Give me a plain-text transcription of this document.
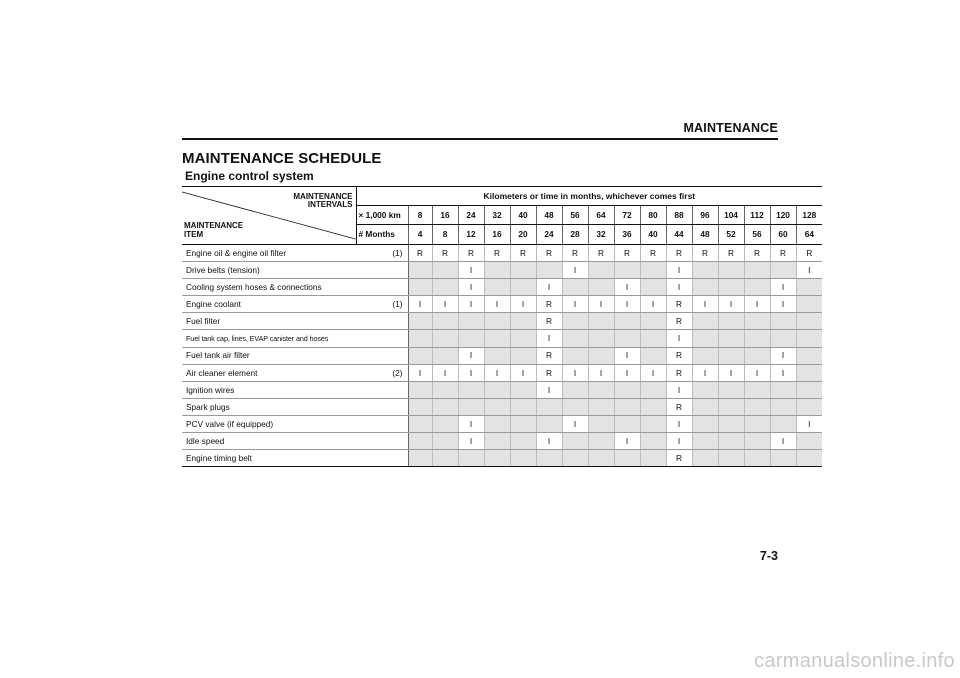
MAINTENANCE
MAINTENANCE SCHEDULE
Engine control system
MAINTENANCE
INTERVALS
MAINTENANCE
ITEM	Kilometers or time in months, whichever comes first																
	× 1,000 km	8	16	24	32	40	48	56	64	72	80	88	96	104	112	120	128
	# Months	4	8	12	16	20	24	28	32	36	40	44	48	52	56	60	64
Engine oil & engine oil filter (1)		R	R	R	R	R	R	R	R	R	R	R	R	R	R	R	R
Drive belts (tension)				I				I				I					I
Cooling system hoses & connections				I			I			I		I				I	
Engine coolant (1)		I	I	I	I	I	R	I	I	I	I	R	I	I	I	I	
Fuel filter							R					R					
Fuel tank cap, lines, EVAP canister and hoses							I					I					
Fuel tank air filter				I			R			I		R				I	
Air cleaner element (2)		I	I	I	I	I	R	I	I	I	I	R	I	I	I	I	
Ignition wires							I					I					
Spark plugs												R					
PCV valve (if equipped)				I				I				I					I
Idle speed				I			I			I		I				I	
Engine timing belt												R					
7-3
carmanualsonline.info
